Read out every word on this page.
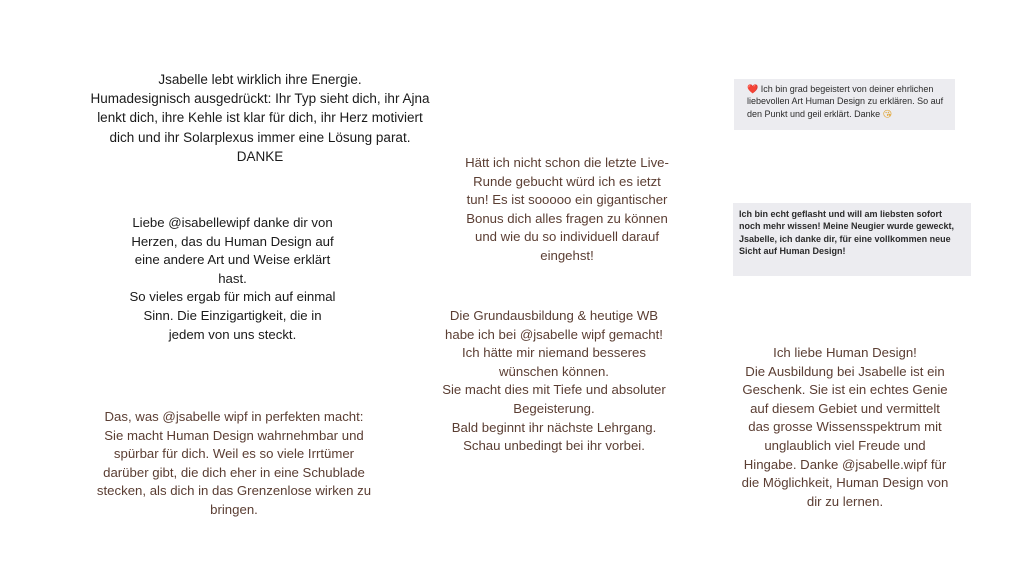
Jsabelle lebt wirklich ihre Energie.
Humadesignisch ausgedrückt: Ihr Typ sieht dich, ihr Ajna
lenkt dich, ihre Kehle ist klar für dich, ihr Herz motiviert
dich und ihr Solarplexus immer eine Lösung parat.
DANKE

Liebe @isabellewipf danke dir von
Herzen, das du Human Design auf
eine andere Art und Weise erklärt
hast.
So vieles ergab für mich auf einmal
Sinn. Die Einzigartigkeit, die in
jedem von uns steckt.

Das, was @jsabelle wipf in perfekten macht:
Sie macht Human Design wahrnehmbar und
spürbar für dich. Weil es so viele Irrtümer
darüber gibt, die dich eher in eine Schublade
stecken, als dich in das Grenzenlose wirken zu
bringen.

Hätt ich nicht schon die letzte Live-
Runde gebucht würd ich es ietzt
tun! Es ist sooooo ein gigantischer
Bonus dich alles fragen zu können
und wie du so individuell darauf
eingehst!

Die Grundausbildung & heutige WB
habe ich bei @jsabelle wipf gemacht!
Ich hätte mir niemand besseres
wünschen können.
Sie macht dies mit Tiefe und absoluter
Begeisterung.
Bald beginnt ihr nächste Lehrgang.
Schau unbedingt bei ihr vorbei.

Ich liebe Human Design!
Die Ausbildung bei Jsabelle ist ein
Geschenk. Sie ist ein echtes Genie
auf diesem Gebiet und vermittelt
das grosse Wissensspektrum mit
unglaublich viel Freude und
Hingabe. Danke @jsabelle.wipf für
die Möglichkeit, Human Design von
dir zu lernen.

❤️ Ich bin grad begeistert von deiner ehrlichen liebevollen Art Human Design zu erklären. So auf den Punkt und geil erklärt. Danke 😘
Ich bin echt geflasht und will am liebsten sofort noch mehr wissen! Meine Neugier wurde geweckt, Jsabelle, ich danke dir, für eine vollkommen neue Sicht auf Human Design!
